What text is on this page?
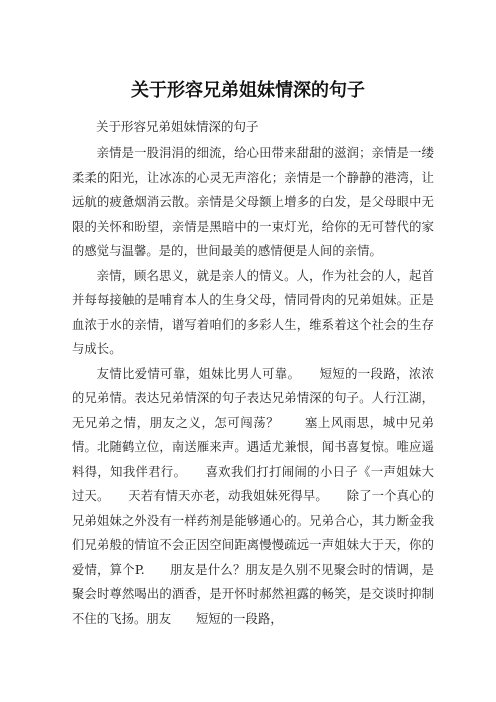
关于形容兄弟姐妹情深的句子

关于形容兄弟姐妹情深的句子

亲情是一股涓涓的细流，给心田带来甜甜的滋润；亲情是一缕柔柔的阳光，让冰冻的心灵无声溶化；亲情是一个静静的港湾，让远航的疲惫烟消云散。亲情是父母额上增多的白发，是父母眼中无限的关怀和盼望，亲情是黑暗中的一束灯光，给你的无可替代的家的感觉与温馨。是的，世间最美的感情便是人间的亲情。

亲情，顾名思义，就是亲人的情义。人，作为社会的人，起首并每每接触的是哺育本人的生身父母，情同骨肉的兄弟姐妹。正是血浓于水的亲情，谱写着咱们的多彩人生，维系着这个社会的生存与成长。

友情比爱情可靠，姐妹比男人可靠。　　短短的一段路，浓浓的兄弟情。表达兄弟情深的句子表达兄弟情深的句子。人行江湖，无兄弟之情，朋友之义，怎可闯荡？　　塞上风雨思，城中兄弟情。北随鹤立位，南送雁来声。遇适尤兼恨，闻书喜复惊。唯应遥料得，知我伴君行。　　喜欢我们打打闹闹的小日子《一声姐妹大过天。　　天若有情天亦老，动我姐妹死得早。　　除了一个真心的兄弟姐妹之外没有一样药剂是能够通心的。兄弟合心，其力断金我们兄弟般的情谊不会正因空间距离慢慢疏远一声姐妹大于天，你的爱情，算个P.　　朋友是什么？朋友是久别不见聚会时的情调，是聚会时尊然喝出的酒香，是开怀时郝然袒露的畅笑，是交谈时抑制不住的飞扬。朋友　　短短的一段路，
